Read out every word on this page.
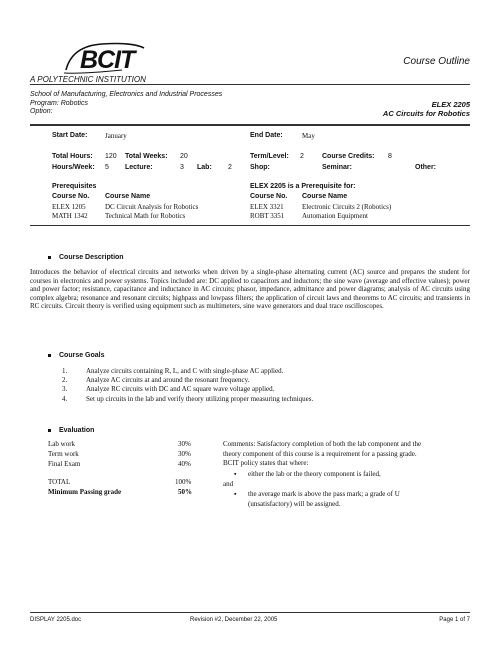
BCIT	Course Outline
A POLYTECHNIC INSTITUTION
School of Manufacturing, Electronics and Industrial Processes
Program: Robotics
Option:
ELEX 2205
AC Circuits for Robotics
Start Date:	January	End Date:	May
Total Hours: 120 Total Weeks: 20	Term/Level: 2	Course Credits: 8
Hours/Week: 5 Lecture:	3 Lab: 2	Shop:	Seminar:	Other:
Prerequisites
Course No. Course Name
ELEX 1205	DC Circuit Analysis for Robotics
MATH 1342 Technical Math for Robotics
ELEX 2205 is a Prerequisite for:
Course No. Course Name
ELEX 3321	Electronic Circuits 2 (Robotics)
ROBT 3351	Automation Equipment
Course Description
Introduces the behavior of electrical circuits and networks when driven by a single-phase alternating current (AC) source and prepares the student for courses in electronics and power systems. Topics included are: DC applied to capacitors and inductors; the sine wave (average and effective values); power and power factor; resistance, capacitance and inductance in AC circuits; phasor, impedance, admittance and power diagrams; analysis of AC circuits using complex algebra; resonance and resonant circuits; highpass and lowpass filters; the application of circuit laws and theorems to AC circuits; and transients in RC circuits. Circuit theory is verified using equipment such as multimeters, sine wave generators and dual trace oscilloscopes.
Course Goals
1.	Analyze circuits containing R, L, and C with single-phase AC applied.
2.	Analyze AC circuits at and around the resonant frequency.
3.	Analyze RC circuits with DC and AC square wave voltage applied.
4.	Set up circuits in the lab and verify theory utilizing proper measuring techniques.
Evaluation
Lab work	30%
Term work	30%
Final Exam	40%
TOTAL	100%
Minimum Passing grade	50%
Comments: Satisfactory completion of both the lab component and the theory component of this course is a requirement for a passing grade. BCIT policy states that where:
▪ either the lab or the theory component is failed,
and
▪ the average mark is above the pass mark; a grade of U (unsatisfactory) will be assigned.
DISPLAY 2205.doc	Revision #2, December 22, 2005	Page 1 of 7
